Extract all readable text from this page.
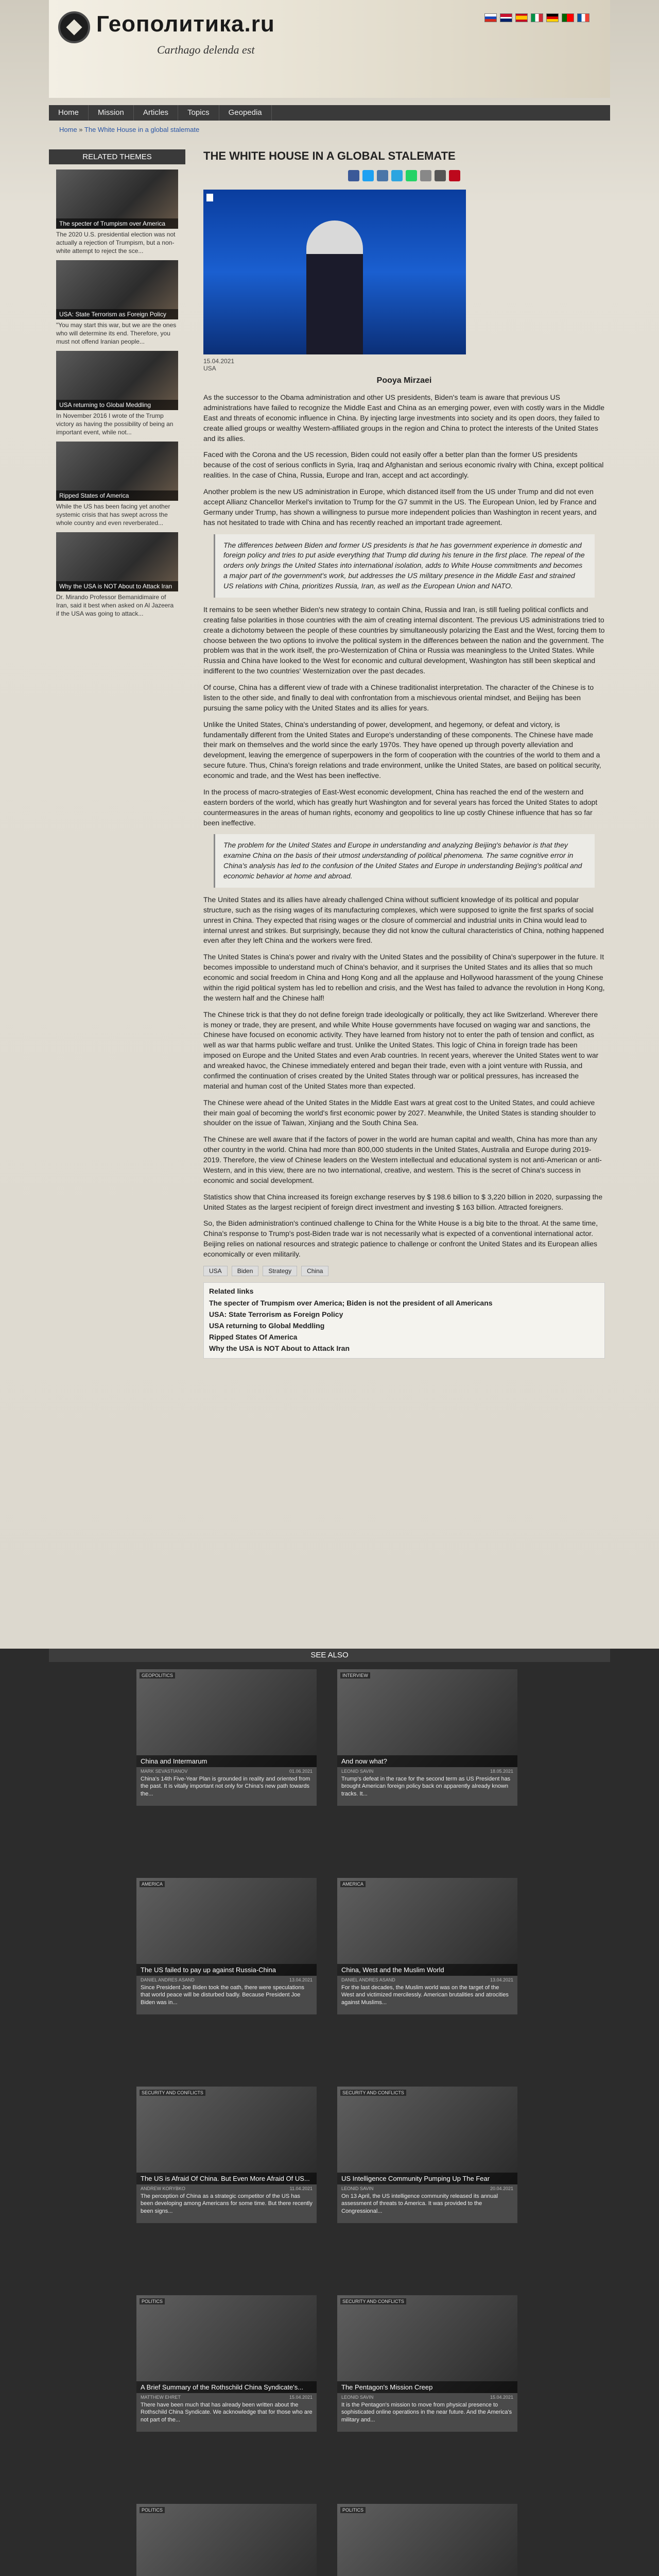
Геополитика.ru
Carthago delenda est
Home	Mission	Articles	Topics	Geopedia
Home » The White House in a global stalemate
RELATED THEMES
The specter of Trumpism over America
The 2020 U.S. presidential election was not actually a rejection of Trumpism, but a non-white attempt to reject the sce...
USA: State Terrorism as Foreign Policy
"You may start this war, but we are the ones who will determine its end. Therefore, you must not offend Iranian people...
USA returning to Global Meddling
In November 2016 I wrote of the Trump victory as having the possibility of being an important event, while not...
Ripped States of America
While the US has been facing yet another systemic crisis that has swept across the whole country and even reverberated...
Why the USA is NOT About to Attack Iran
Dr. Mirando Professor Bemanidimaire of Iran, said it best when asked on Al Jazeera if the USA was going to attack...
THE WHITE HOUSE IN A GLOBAL STALEMATE

15.04.2021
USA
Pooya Mirzaei

As the successor to the Obama administration and other US presidents, Biden's team is aware that previous US administrations have failed to recognize the Middle East and China as an emerging power, even with costly wars in the Middle East and threats of economic influence in China. By injecting large investments into society and its open doors, they failed to create allied groups or wealthy Western-affiliated groups in the region and China to protect the interests of the United States and its allies.

Faced with the Corona and the US recession, Biden could not easily offer a better plan than the former US presidents because of the cost of serious conflicts in Syria, Iraq and Afghanistan and serious economic rivalry with China, except political realities. In the case of China, Russia, Europe and Iran, accept and act accordingly.

Another problem is the new US administration in Europe, which distanced itself from the US under Trump and did not even accept Allianz Chancellor Merkel's invitation to Trump for the G7 summit in the US. The European Union, led by France and Germany under Trump, has shown a willingness to pursue more independent policies than Washington in recent years, and has not hesitated to trade with China and has recently reached an important trade agreement.

The differences between Biden and former US presidents is that he has government experience in domestic and foreign policy and tries to put aside everything that Trump did during his tenure in the first place. The repeal of the orders only brings the United States into international isolation, adds to White House commitments and becomes a major part of the government's work, but addresses the US military presence in the Middle East and strained US relations with China, prioritizes Russia, Iran, as well as the European Union and NATO.

It remains to be seen whether Biden's new strategy to contain China, Russia and Iran, is still fueling political conflicts and creating false polarities in those countries with the aim of creating internal discontent. The previous US administrations tried to create a dichotomy between the people of these countries by simultaneously polarizing the East and the West, forcing them to choose between the two options to involve the political system in the differences between the nation and the government. The problem was that in the work itself, the pro-Westernization of China or Russia was meaningless to the United States. While Russia and China have looked to the West for economic and cultural development, Washington has still been skeptical and indifferent to the two countries' Westernization over the past decades.

Of course, China has a different view of trade with a Chinese traditionalist interpretation. The character of the Chinese is to listen to the other side, and finally to deal with confrontation from a mischievous oriental mindset, and Beijing has been pursuing the same policy with the United States and its allies for years.

Unlike the United States, China's understanding of power, development, and hegemony, or defeat and victory, is fundamentally different from the United States and Europe's understanding of these components. The Chinese have made their mark on themselves and the world since the early 1970s. They have opened up through poverty alleviation and development, leaving the emergence of superpowers in the form of cooperation with the countries of the world to them and a secure future. Thus, China's foreign relations and trade environment, unlike the United States, are based on political security, economic and trade, and the West has been ineffective.

In the process of macro-strategies of East-West economic development, China has reached the end of the western and eastern borders of the world, which has greatly hurt Washington and for several years has forced the United States to adopt countermeasures in the areas of human rights, economy and geopolitics to line up costly Chinese influence that has so far been ineffective.

The problem for the United States and Europe in understanding and analyzing Beijing's behavior is that they examine China on the basis of their utmost understanding of political phenomena. The same cognitive error in China's analysis has led to the confusion of the United States and Europe in understanding Beijing's political and economic behavior at home and abroad.

The United States and its allies have already challenged China without sufficient knowledge of its political and popular structure, such as the rising wages of its manufacturing complexes, which were supposed to ignite the first sparks of social unrest in China. They expected that rising wages or the closure of commercial and industrial units in China would lead to internal unrest and strikes. But surprisingly, because they did not know the cultural characteristics of China, nothing happened even after they left China and the workers were fired.

The United States is China's power and rivalry with the United States and the possibility of China's superpower in the future. It becomes impossible to understand much of China's behavior, and it surprises the United States and its allies that so much economic and social freedom in China and Hong Kong and all the applause and Hollywood harassment of the young Chinese within the rigid political system has led to rebellion and crisis, and the West has failed to advance the revolution in Hong Kong, the western half and the Chinese half!

The Chinese trick is that they do not define foreign trade ideologically or politically, they act like Switzerland. Wherever there is money or trade, they are present, and while White House governments have focused on waging war and sanctions, the Chinese have focused on economic activity. They have learned from history not to enter the path of tension and conflict, as well as war that harms public welfare and trust. Unlike the United States. This logic of China in foreign trade has been imposed on Europe and the United States and even Arab countries. In recent years, wherever the United States went to war and wreaked havoc, the Chinese immediately entered and began their trade, even with a joint venture with Russia, and confirmed the continuation of crises created by the United States through war or political pressures, has increased the material and human cost of the United States more than expected.

The Chinese were ahead of the United States in the Middle East wars at great cost to the United States, and could achieve their main goal of becoming the world's first economic power by 2027. Meanwhile, the United States is standing shoulder to shoulder on the issue of Taiwan, Xinjiang and the South China Sea.

The Chinese are well aware that if the factors of power in the world are human capital and wealth, China has more than any other country in the world. China had more than 800,000 students in the United States, Australia and Europe during 2019-2019. Therefore, the view of Chinese leaders on the Western intellectual and educational system is not anti-American or anti-Western, and in this view, there are no two international, creative, and western. This is the secret of China's success in economic and social development.

Statistics show that China increased its foreign exchange reserves by $ 198.6 billion to $ 3,220 billion in 2020, surpassing the United States as the largest recipient of foreign direct investment and investing $ 163 billion. Attracted foreigners.

So, the Biden administration's continued challenge to China for the White House is a big bite to the throat. At the same time, China's response to Trump's post-Biden trade war is not necessarily what is expected of a conventional international actor. Beijing relies on national resources and strategic patience to challenge or confront the United States and its European allies economically or even militarily.

USA	Biden	Strategy	China
Related links
The specter of Trumpism over America; Biden is not the president of all Americans
USA: State Terrorism as Foreign Policy
USA returning to Global Meddling
Ripped States Of America
Why the USA is NOT About to Attack Iran
SEE ALSO
GEOPOLITICS
China and Intermarum
MARK SEVASTIANOV	01.06.2021
China's 14th Five-Year Plan is grounded in reality and oriented from the past. It is vitally important not only for China's new path towards the...
INTERVIEW
And now what?
LEONID SAVIN	18.05.2021
Trump's defeat in the race for the second term as US President has brought American foreign policy back on apparently already known tracks. It...
AMERICA
The US failed to pay up against Russia-China
DANIEL ANDRES ASAND	13.04.2021
Since President Joe Biden took the oath, there were speculations that world peace will be disturbed badly. Because President Joe Biden was in...
AMERICA
China, West and the Muslim World
DANIEL ANDRES ASAND	13.04.2021
For the last decades, the Muslim world was on the target of the West and victimized mercilessly. American brutalities and atrocities against Muslims...
SECURITY AND CONFLICTS
The US is Afraid Of China. But Even More Afraid Of US...
ANDREW KORYBKO	11.04.2021
The perception of China as a strategic competitor of the US has been developing among Americans for some time. But there recently been signs...
SECURITY AND CONFLICTS
US Intelligence Community Pumping Up The Fear
LEONID SAVIN	20.04.2021
On 13 April, the US intelligence community released its annual assessment of threats to America. It was provided to the Congressional...
POLITICS
A Brief Summary of the Rothschild China Syndicate's...
MATTHEW EHRET	15.04.2021
There have been much that has already been written about the Rothschild China Syndicate. We acknowledge that for those who are not part of the...
SECURITY AND CONFLICTS
The Pentagon's Mission Creep
LEONID SAVIN	15.04.2021
It is the Pentagon's mission to move from physical presence to sophisticated online operations in the near future. And the America's military and...
POLITICS	POLITICS
